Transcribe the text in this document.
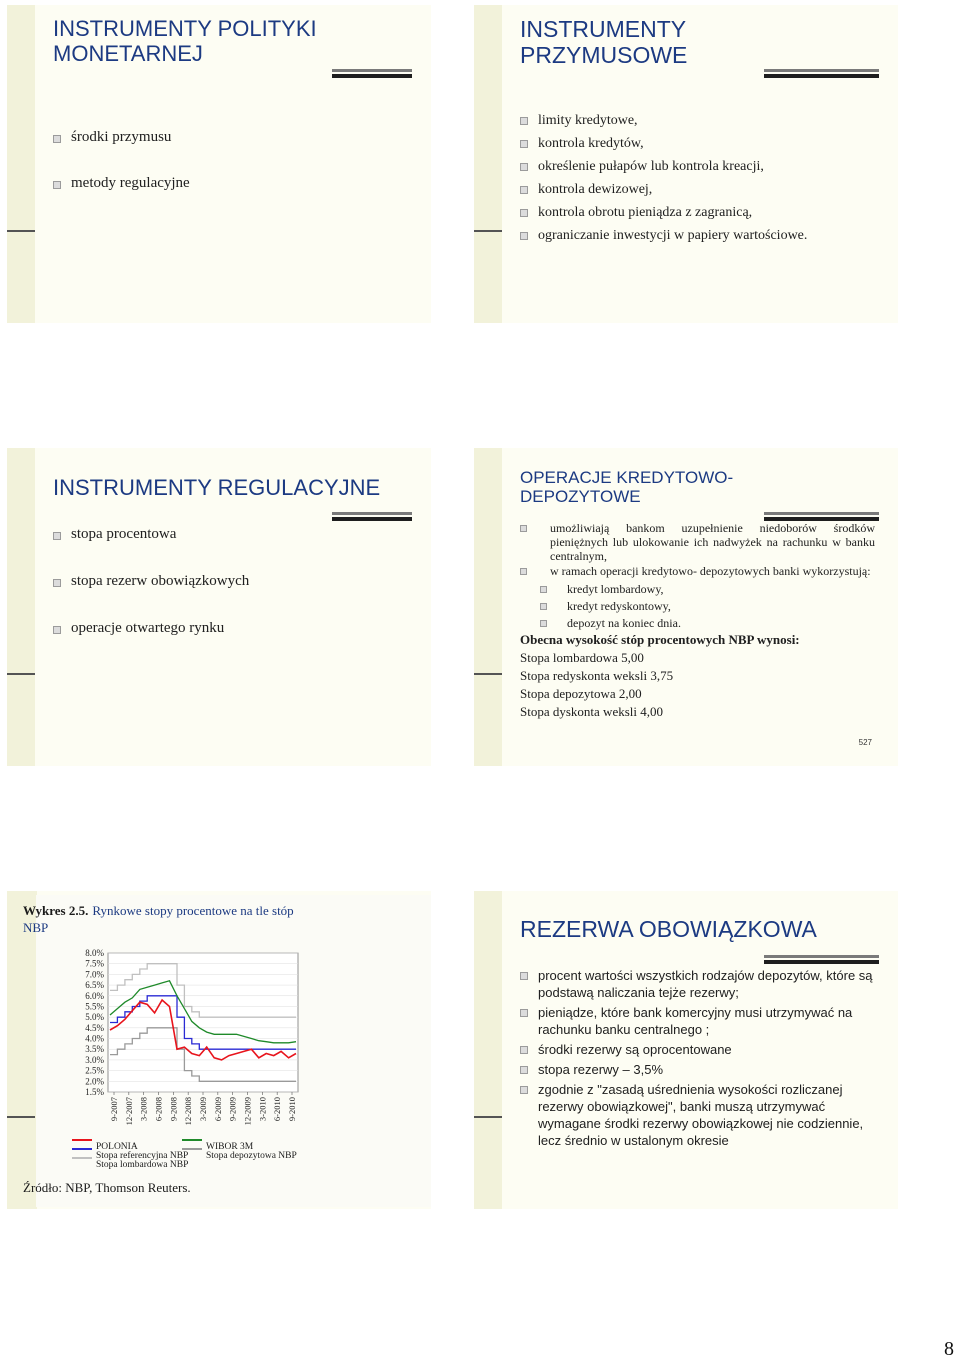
INSTRUMENTY POLITYKI MONETARNEJ
środki przymusu
metody regulacyjne
INSTRUMENTY PRZYMUSOWE
limity kredytowe,
kontrola kredytów,
określenie pułapów lub kontrola kreacji,
kontrola dewizowej,
kontrola obrotu pieniądza z zagranicą,
ograniczanie inwestycji w papiery wartościowe.
INSTRUMENTY REGULACYJNE
stopa procentowa
stopa rezerw obowiązkowych
operacje otwartego rynku
OPERACJE KREDYTOWO-DEPOZYTOWE
umożliwiają bankom uzupełnienie niedoborów środków pieniężnych lub ulokowanie ich nadwyżek na rachunku w banku centralnym,
w ramach operacji kredytowo- depozytowych banki wykorzystują:
kredyt lombardowy,
kredyt redyskontowy,
depozyt na koniec dnia.
Obecna wysokość stóp procentowych NBP wynosi:
Stopa lombardowa 5,00
Stopa redyskonta weksli 3,75
Stopa depozytowa 2,00
Stopa dyskonta weksli 4,00
527
Wykres 2.5. Rynkowe stopy procentowe na tle stóp
NBP
Źródło: NBP, Thomson Reuters.
8.0%
7.5%
7.0%
6.5%
6.0%
5.5%
5.0%
4.5%
4.0%
3.5%
3.0%
2.5%
2.0%
1.5%
9-2007 12-2007 3-2008 6-2008 9-2008 12-2008 3-2009 6-2009 9-2009 12-2009 3-2010 6-2010 9-2010
POLONIA	WIBOR 3M
Stopa referencyjna NBP Stopa depozytowa NBP
Stopa lombardowa NBP
REZERWA OBOWIĄZKOWA
procent wartości wszystkich rodzajów depozytów, które są podstawą naliczania tejże rezerwy;
pieniądze, które bank komercyjny musi utrzymywać na rachunku banku centralnego ;
środki rezerwy są oprocentowane
stopa rezerwy – 3,5%
zgodnie z "zasadą uśrednienia wysokości rozliczanej rezerwy obowiązkowej", banki muszą utrzymywać wymagane środki rezerwy obowiązkowej nie codziennie, lecz średnio w ustalonym okresie
8
